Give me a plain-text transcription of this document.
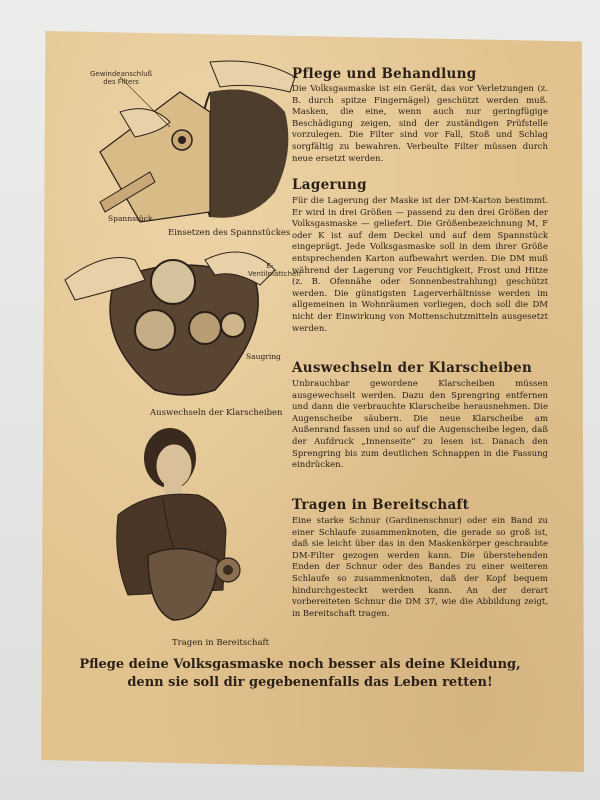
Gewindeanschluß des Filters
Spannstück
Einsetzen des Spannstückes
E-Ventilplättchen
Saugring
Auswechseln der Klarscheiben
Tragen in Bereitschaft
Pflege und Behandlung

Die Volksgasmaske ist ein Gerät, das vor Verletzungen (z. B. durch spitze Fingernägel) geschützt werden muß. Masken, die eine, wenn auch nur geringfügige Beschädigung zeigen, sind der zuständigen Prüfstelle vorzulegen. Die Filter sind vor Fall, Stoß und Schlag sorgfältig zu bewahren. Verbeulte Filter müssen durch neue ersetzt werden.

Lagerung

Für die Lagerung der Maske ist der DM-Karton bestimmt. Er wird in drei Größen — passend zu den drei Größen der Volksgasmaske — geliefert. Die Größenbezeichnung M, F oder K ist auf dem Deckel und auf dem Spannstück eingeprägt. Jede Volksgasmaske soll in dem ihrer Größe entsprechenden Karton aufbewahrt werden. Die DM muß während der Lagerung vor Feuchtigkeit, Frost und Hitze (z. B. Ofennähe oder Sonnenbestrahlung) geschützt werden. Die günstigsten Lagerverhältnisse werden im allgemeinen in Wohnräumen vorliegen, doch soll die DM nicht der Einwirkung von Mottenschutzmitteln ausgesetzt werden.

Auswechseln der Klarscheiben

Unbrauchbar gewordene Klarscheiben müssen ausgewechselt werden. Dazu den Sprengring entfernen und dann die verbrauchte Klarscheibe herausnehmen. Die Augenscheibe säubern. Die neue Klarscheibe am Außenrand fassen und so auf die Augenscheibe legen, daß der Aufdruck „Innenseite“ zu lesen ist. Danach den Sprengring bis zum deutlichen Schnappen in die Fassung eindrücken.

Tragen in Bereitschaft

Eine starke Schnur (Gardinenschnur) oder ein Band zu einer Schlaufe zusammenknoten, die gerade so groß ist, daß sie leicht über das in den Maskenkörper geschraubte DM-Filter gezogen werden kann. Die überstehenden Enden der Schnur oder des Bandes zu einer weiteren Schlaufe so zusammenknoten, daß der Kopf bequem hindurchgesteckt werden kann. An der derart vorbereiteten Schnur die DM 37, wie die Abbildung zeigt, in Bereitschaft tragen.

Pflege deine Volksgasmaske noch besser als deine Kleidung,
denn sie soll dir gegebenenfalls das Leben retten!
